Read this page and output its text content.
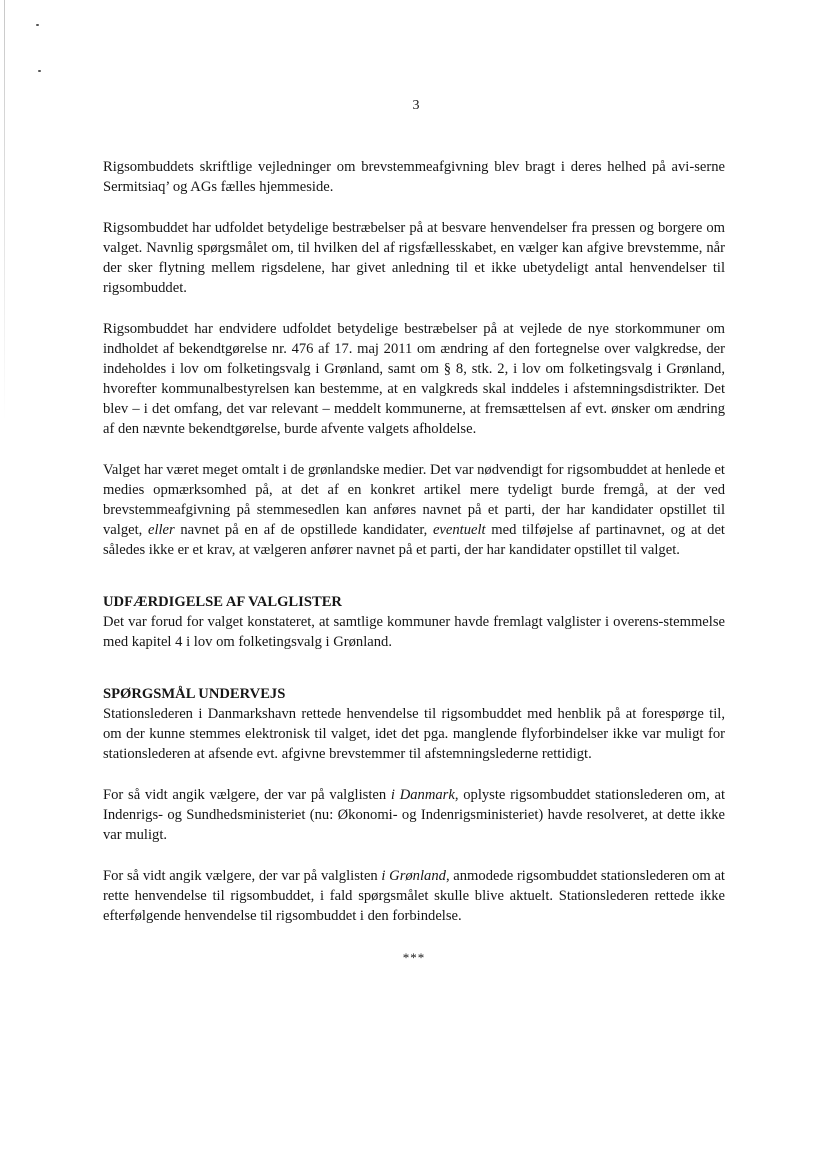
3

Rigsombuddets skriftlige vejledninger om brevstemmeafgivning blev bragt i deres helhed på avi-serne Sermitsiaq’ og AGs fælles hjemmeside.

Rigsombuddet har udfoldet betydelige bestræbelser på at besvare henvendelser fra pressen og borgere om valget. Navnlig spørgsmålet om, til hvilken del af rigsfællesskabet, en vælger kan afgive brevstemme, når der sker flytning mellem rigsdelene, har givet anledning til et ikke ubetydeligt antal henvendelser til rigsombuddet.

Rigsombuddet har endvidere udfoldet betydelige bestræbelser på at vejlede de nye storkommuner om indholdet af bekendtgørelse nr. 476 af 17. maj 2011 om ændring af den fortegnelse over valgkredse, der indeholdes i lov om folketingsvalg i Grønland, samt om § 8, stk. 2, i lov om folketingsvalg i Grønland, hvorefter kommunalbestyrelsen kan bestemme, at en valgkreds skal inddeles i afstemningsdistrikter. Det blev – i det omfang, det var relevant – meddelt kommunerne, at fremsættelsen af evt. ønsker om ændring af den nævnte bekendtgørelse, burde afvente valgets afholdelse.

Valget har været meget omtalt i de grønlandske medier. Det var nødvendigt for rigsombuddet at henlede et medies opmærksomhed på, at det af en konkret artikel mere tydeligt burde fremgå, at der ved brevstemmeafgivning på stemmesedlen kan anføres navnet på et parti, der har kandidater opstillet til valget, eller navnet på en af de opstillede kandidater, eventuelt med tilføjelse af partinavnet, og at det således ikke er et krav, at vælgeren anfører navnet på et parti, der har kandidater opstillet til valget.

UDFÆRDIGELSE AF VALGLISTER

Det var forud for valget konstateret, at samtlige kommuner havde fremlagt valglister i overens-stemmelse med kapitel 4 i lov om folketingsvalg i Grønland.

SPØRGSMÅL UNDERVEJS

Stationslederen i Danmarkshavn rettede henvendelse til rigsombuddet med henblik på at forespørge til, om der kunne stemmes elektronisk til valget, idet det pga. manglende flyforbindelser ikke var muligt for stationslederen at afsende evt. afgivne brevstemmer til afstemningslederne rettidigt.

For så vidt angik vælgere, der var på valglisten i Danmark, oplyste rigsombuddet stationslederen om, at Indenrigs- og Sundhedsministeriet (nu: Økonomi- og Indenrigsministeriet) havde resolveret, at dette ikke var muligt.

For så vidt angik vælgere, der var på valglisten i Grønland, anmodede rigsombuddet stationslederen om at rette henvendelse til rigsombuddet, i fald spørgsmålet skulle blive aktuelt. Stationslederen rettede ikke efterfølgende henvendelse til rigsombuddet i den forbindelse.

***
